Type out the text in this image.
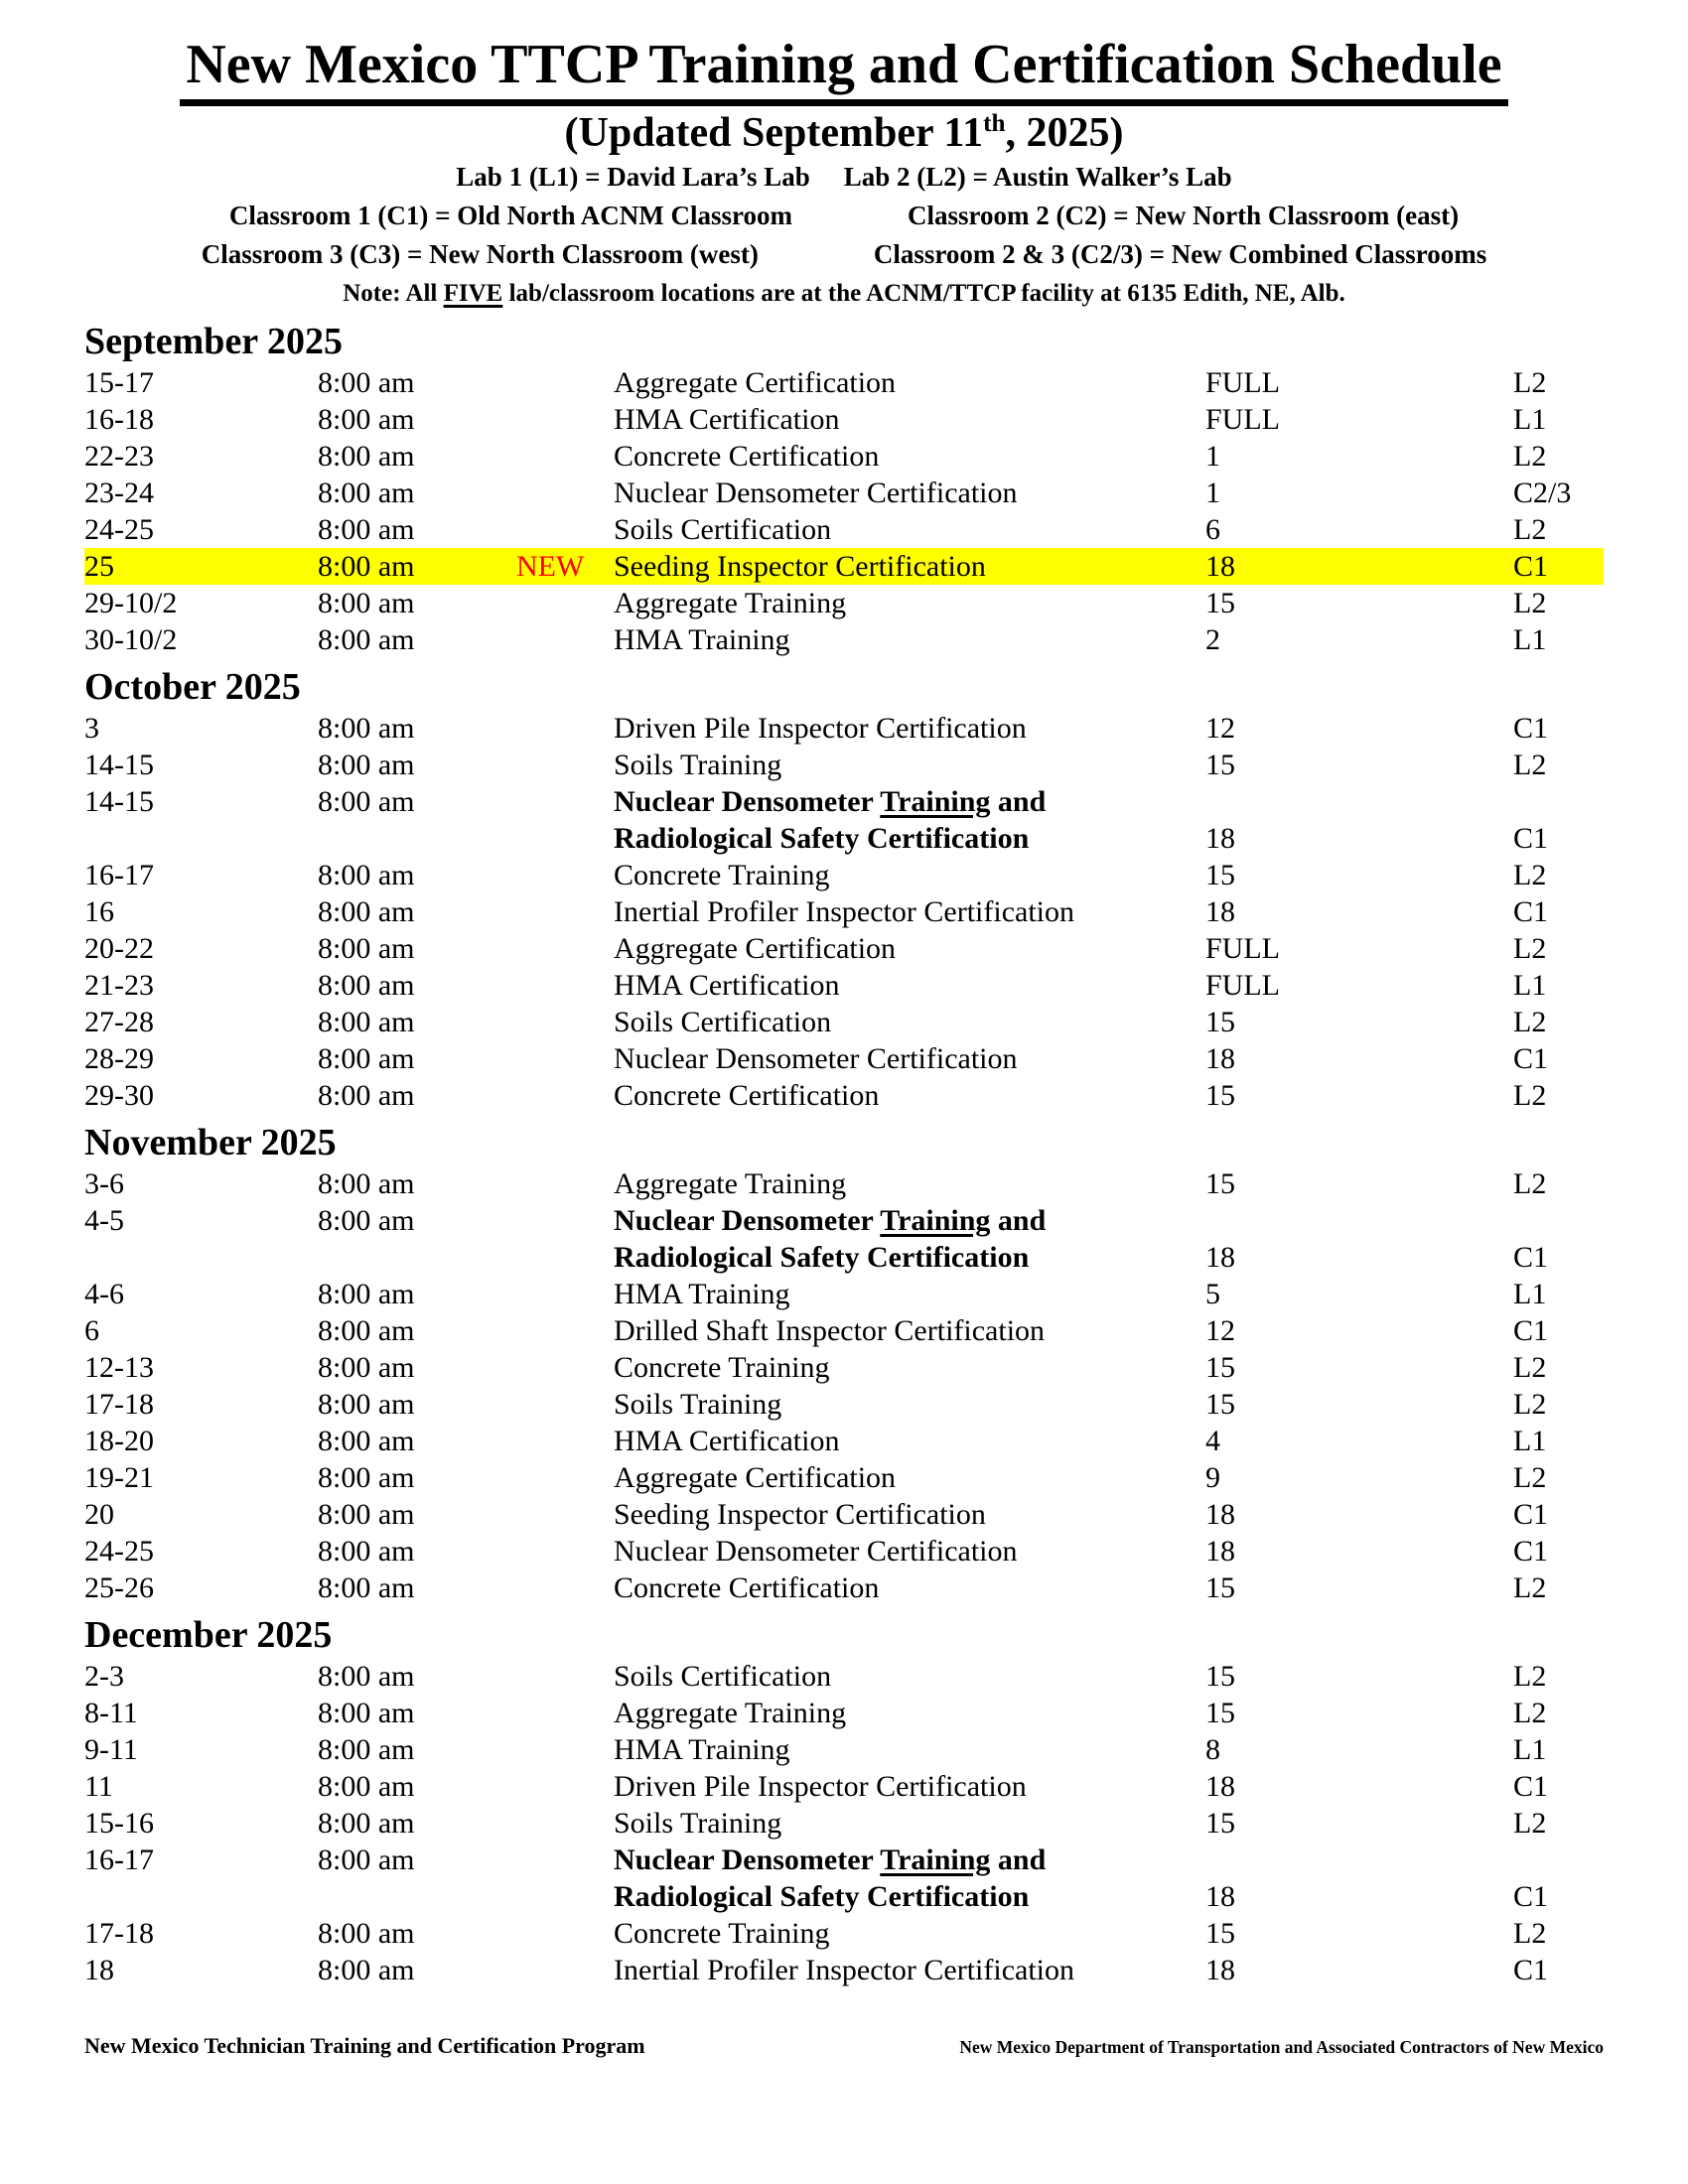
New Mexico TTCP Training and Certification Schedule
(Updated September 11th, 2025)
Lab 1 (L1) = David Lara’s Lab Lab 2 (L2) = Austin Walker’s Lab
Classroom 1 (C1) = Old North ACNM Classroom	Classroom 2 (C2) = New North Classroom (east)
Classroom 3 (C3) = New North Classroom (west)	Classroom 2 & 3 (C2/3) = New Combined Classrooms
Note: All FIVE lab/classroom locations are at the ACNM/TTCP facility at 6135 Edith, NE, Alb.
September 2025
15-17	8:00 am	Aggregate Certification	FULL	L2
16-18	8:00 am	HMA Certification	FULL	L1
22-23	8:00 am	Concrete Certification	1	L2
23-24	8:00 am	Nuclear Densometer Certification	1	C2/3
24-25	8:00 am	Soils Certification	6	L2
25	8:00 am	NEW Seeding Inspector Certification	18	C1
29-10/2	8:00 am	Aggregate Training	15	L2
30-10/2	8:00 am	HMA Training	2	L1
October 2025
3	8:00 am	Driven Pile Inspector Certification	12	C1
14-15	8:00 am	Soils Training	15	L2
14-15	8:00 am	Nuclear Densometer Training and
Radiological Safety Certification	18	C1
16-17	8:00 am	Concrete Training	15	L2
16	8:00 am	Inertial Profiler Inspector Certification	18	C1
20-22	8:00 am	Aggregate Certification	FULL	L2
21-23	8:00 am	HMA Certification	FULL	L1
27-28	8:00 am	Soils Certification	15	L2
28-29	8:00 am	Nuclear Densometer Certification	18	C1
29-30	8:00 am	Concrete Certification	15	L2
November 2025
3-6	8:00 am	Aggregate Training	15	L2
4-5	8:00 am	Nuclear Densometer Training and
Radiological Safety Certification	18	C1
4-6	8:00 am	HMA Training	5	L1
6	8:00 am	Drilled Shaft Inspector Certification	12	C1
12-13	8:00 am	Concrete Training	15	L2
17-18	8:00 am	Soils Training	15	L2
18-20	8:00 am	HMA Certification	4	L1
19-21	8:00 am	Aggregate Certification	9	L2
20	8:00 am	Seeding Inspector Certification	18	C1
24-25	8:00 am	Nuclear Densometer Certification	18	C1
25-26	8:00 am	Concrete Certification	15	L2
December 2025
2-3	8:00 am	Soils Certification	15	L2
8-11	8:00 am	Aggregate Training	15	L2
9-11	8:00 am	HMA Training	8	L1
11	8:00 am	Driven Pile Inspector Certification	18	C1
15-16	8:00 am	Soils Training	15	L2
16-17	8:00 am	Nuclear Densometer Training and
Radiological Safety Certification	18	C1
17-18	8:00 am	Concrete Training	15	L2
18	8:00 am	Inertial Profiler Inspector Certification	18	C1
New Mexico Technician Training and Certification Program	New Mexico Department of Transportation and Associated Contractors of New Mexico
